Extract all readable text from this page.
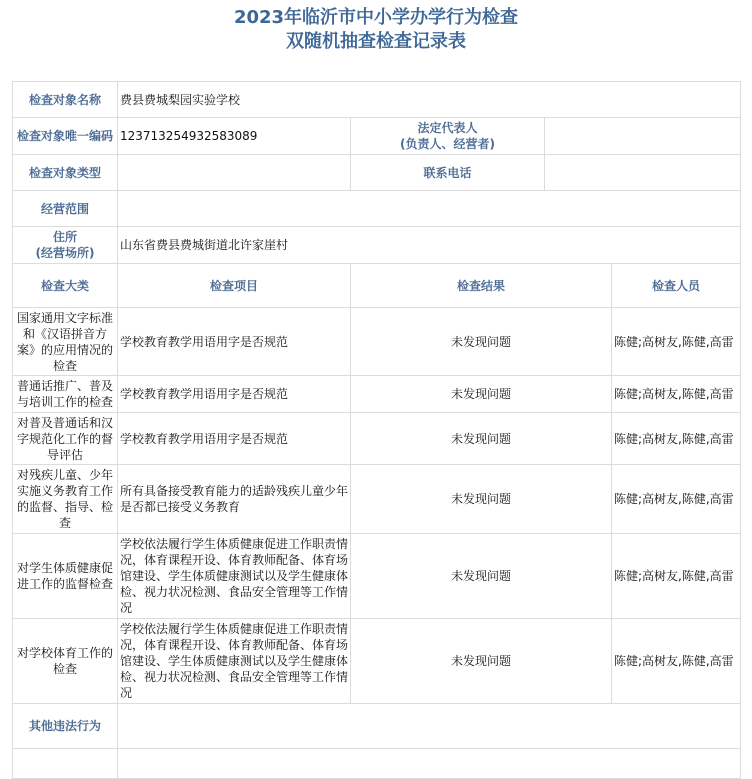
2023年临沂市中小学办学行为检查
双随机抽查检查记录表
检查对象名称	费县费城梨园实验学校			
检查对象唯一编码	123713254932583089	法定代表人
(负责人、经营者)		

检查对象类型		联系电话		
经营范围				

住所
(经营场所)	山东省费县费城街道北许家崖村			
检查大类	检查项目	检查结果		检查人员
国家通用文字标准和《汉语拼音方案》的应用情况的检查	学校教育教学用语用字是否规范	未发现问题		陈健;高树友,陈健,高雷
普通话推广、普及与培训工作的检查	学校教育教学用语用字是否规范	未发现问题		陈健;高树友,陈健,高雷
对普及普通话和汉字规范化工作的督导评估	学校教育教学用语用字是否规范	未发现问题		陈健;高树友,陈健,高雷
对残疾儿童、少年实施义务教育工作的监督、指导、检查	所有具备接受教育能力的适龄残疾儿童少年是否都已接受义务教育	未发现问题		陈健;高树友,陈健,高雷
对学生体质健康促进工作的监督检查	学校依法履行学生体质健康促进工作职责情况，体育课程开设、体育教师配备、体育场馆建设、学生体质健康测试以及学生健康体检、视力状况检测、食品安全管理等工作情况	未发现问题		陈健;高树友,陈健,高雷
对学校体育工作的检查	学校依法履行学生体质健康促进工作职责情况，体育课程开设、体育教师配备、体育场馆建设、学生体质健康测试以及学生健康体检、视力状况检测、食品安全管理等工作情况	未发现问题		陈健;高树友,陈健,高雷
其他违法行为				
